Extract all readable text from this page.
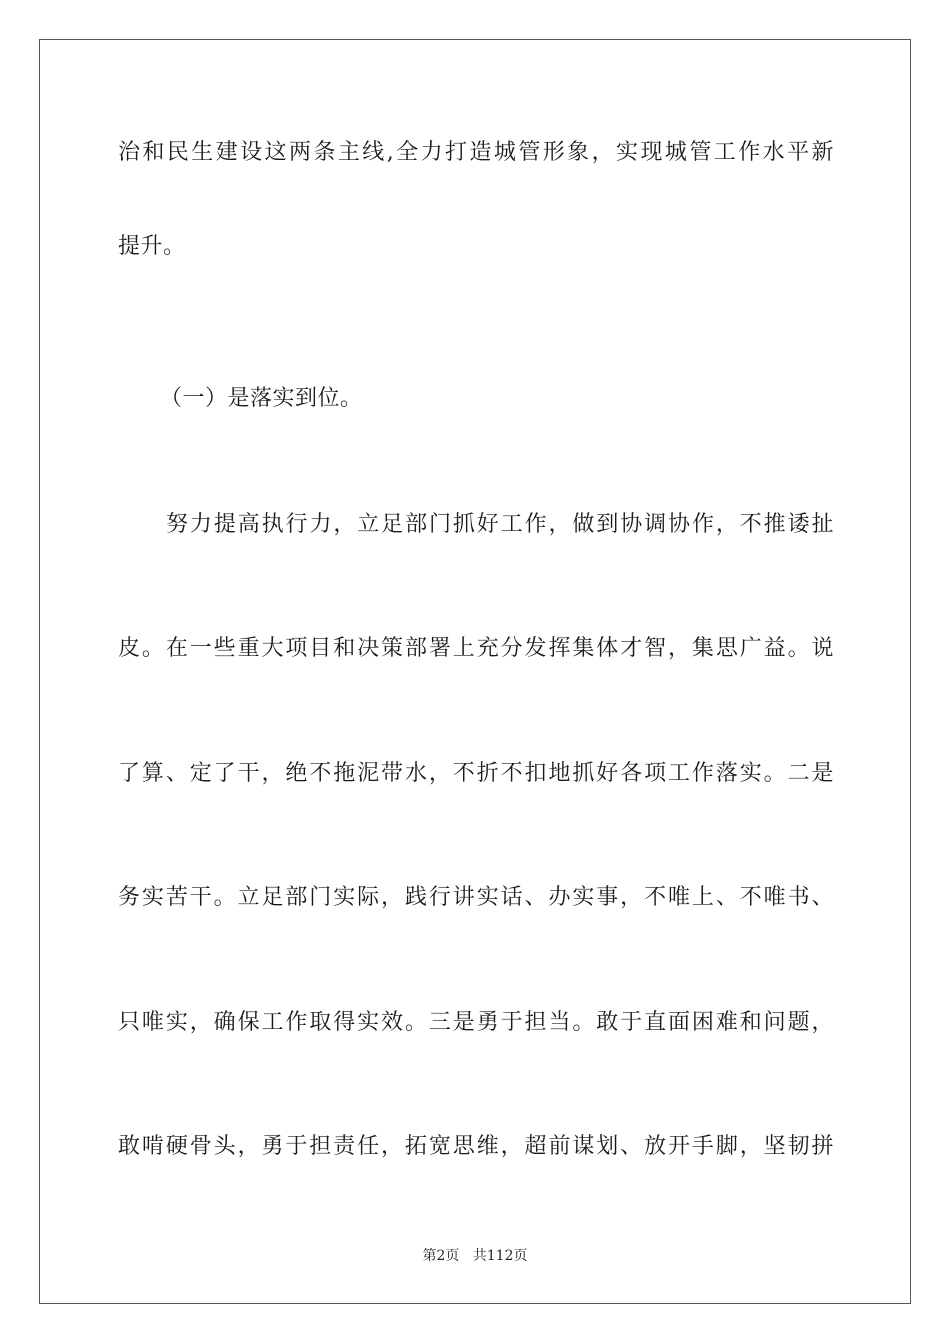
治和民生建设这两条主线,全力打造城管形象，实现城管工作水平新
提升。
（一）是落实到位。
努力提高执行力，立足部门抓好工作，做到协调协作，不推诿扯
皮。在一些重大项目和决策部署上充分发挥集体才智，集思广益。说
了算、定了干，绝不拖泥带水，不折不扣地抓好各项工作落实。二是
务实苦干。立足部门实际，践行讲实话、办实事，不唯上、不唯书、
只唯实，确保工作取得实效。三是勇于担当。敢于直面困难和问题，
敢啃硬骨头，勇于担责任，拓宽思维，超前谋划、放开手脚，坚韧拼
第2页 共112页
